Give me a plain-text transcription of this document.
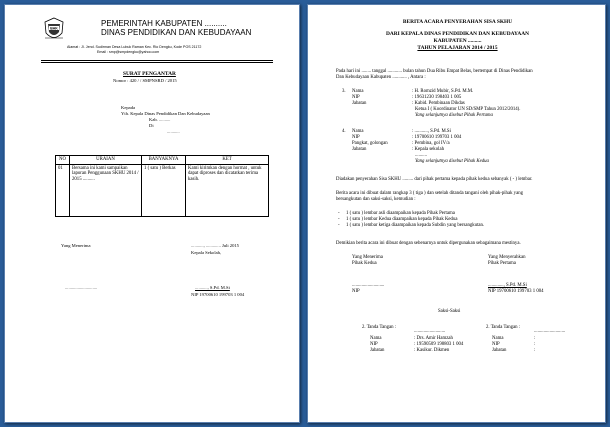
BAK
PEMERINTAH KABUPATEN ..........
DINAS PENDIDIKAN DAN KEBUDAYAAN
Alamat : Jl. Jend. Sudirman Desa Lubuk Raman Kec. Rio Dengku, Kode POS 21172
Email : smp@smpdengku@yahoo.com
SURAT PENGANTAR
Nomor : 420 / / SMPNSRD / 2015
Kepada
Yth. Kepala Dinas Pendidikan Dan Kebudayaan
Kab. ..........
Di
...........
NO	URAIAN	BANYAKNYA	KET
01	Bersama ini kami sampaikan laporan Penggunaan SKHU 2014 / 2015 ..........	1 ( satu ) Berkas	Kami kirimkan dengan hormat , untuk dapat diproses dan dicatatkan terima kasih.
Yang Menerima	..........., ............. Juli 2015
Kepala Sekolah,
............................	..........., S.Pd. M.Si
NIP 19700610 199703 1 004
BERITA ACARA PENYERAHAN SISA SKHU
DARI KEPALA DINAS PENDIDIKAN DAN KEBUDAYAAN
KABUPATEN ..........
TAHUN PELAJARAN 2014 / 2015
Pada hari ini ........ tanggal ............ bulan tahun Dua Ribu Empat Belas, bertempat di Dinas Pendidikan
Dan Kebudayaan Kabupaten ............ , Antara :
3. Nama	: H. Romzid Mubir, S.Pd. M.M.
NIP	: 19631230 198403 1 005
Jabatan	: Kabid. Pembinaan Dikdas
Ketua I ( Koordinator UN SD/SMP Tahun 2012/2014).
Yang selanjutnya disebut Pihak Pertama
4. Nama	: ..........., S.Pd. M.Si
NIP	: 19700610 199703 1 004
Pangkat, golongan	: Pembina, gol IV/a
Jabatan	: Kepala sekolah
..........
Yang selanjutnya disebut Pihak Kedua
Diadakan penyerahan Sisa SKHU ......... dari pihak pertama kepada pihak kedua sebanyak ( - ) lembar.
Berita acara ini dibuat dalam rangkap 3 ( tiga ) dan setelah ditanda tangani oleh pihak-pihak yang
bersangkutan dan saksi-saksi, kemudian :
- 1 ( satu ) lembar asli diaampaikan kepada Pihak Pertama
- 1 ( satu ) lembar Kedua diaampaikan kepada Pihak Kedua
- 1 ( satu ) lembar ketiga diaampaikan kepada Subdin yang bersangkutan.
Demikian berita acara ini dibuat dengan sebenarnya untuk dipergunakan sebagaimana mestinya.
Yang Menerima
Pihak Kedua
Yang Menyerahkan
Pihak Pertama
...........................
NIP
............., S.Pd. M.Si
NIP 19700610 199703 1 004
Saksi-Saksi
2. Tanda Tangan :
..........................
Nama	: Drs. Amir Hamzah
NIP	: 19590509 198803 1 004
Jabatan	: Kasikur. Dikmen
2. Tanda Tangan :
..........................
Nama	:
NIP	:
Jabatan	:
